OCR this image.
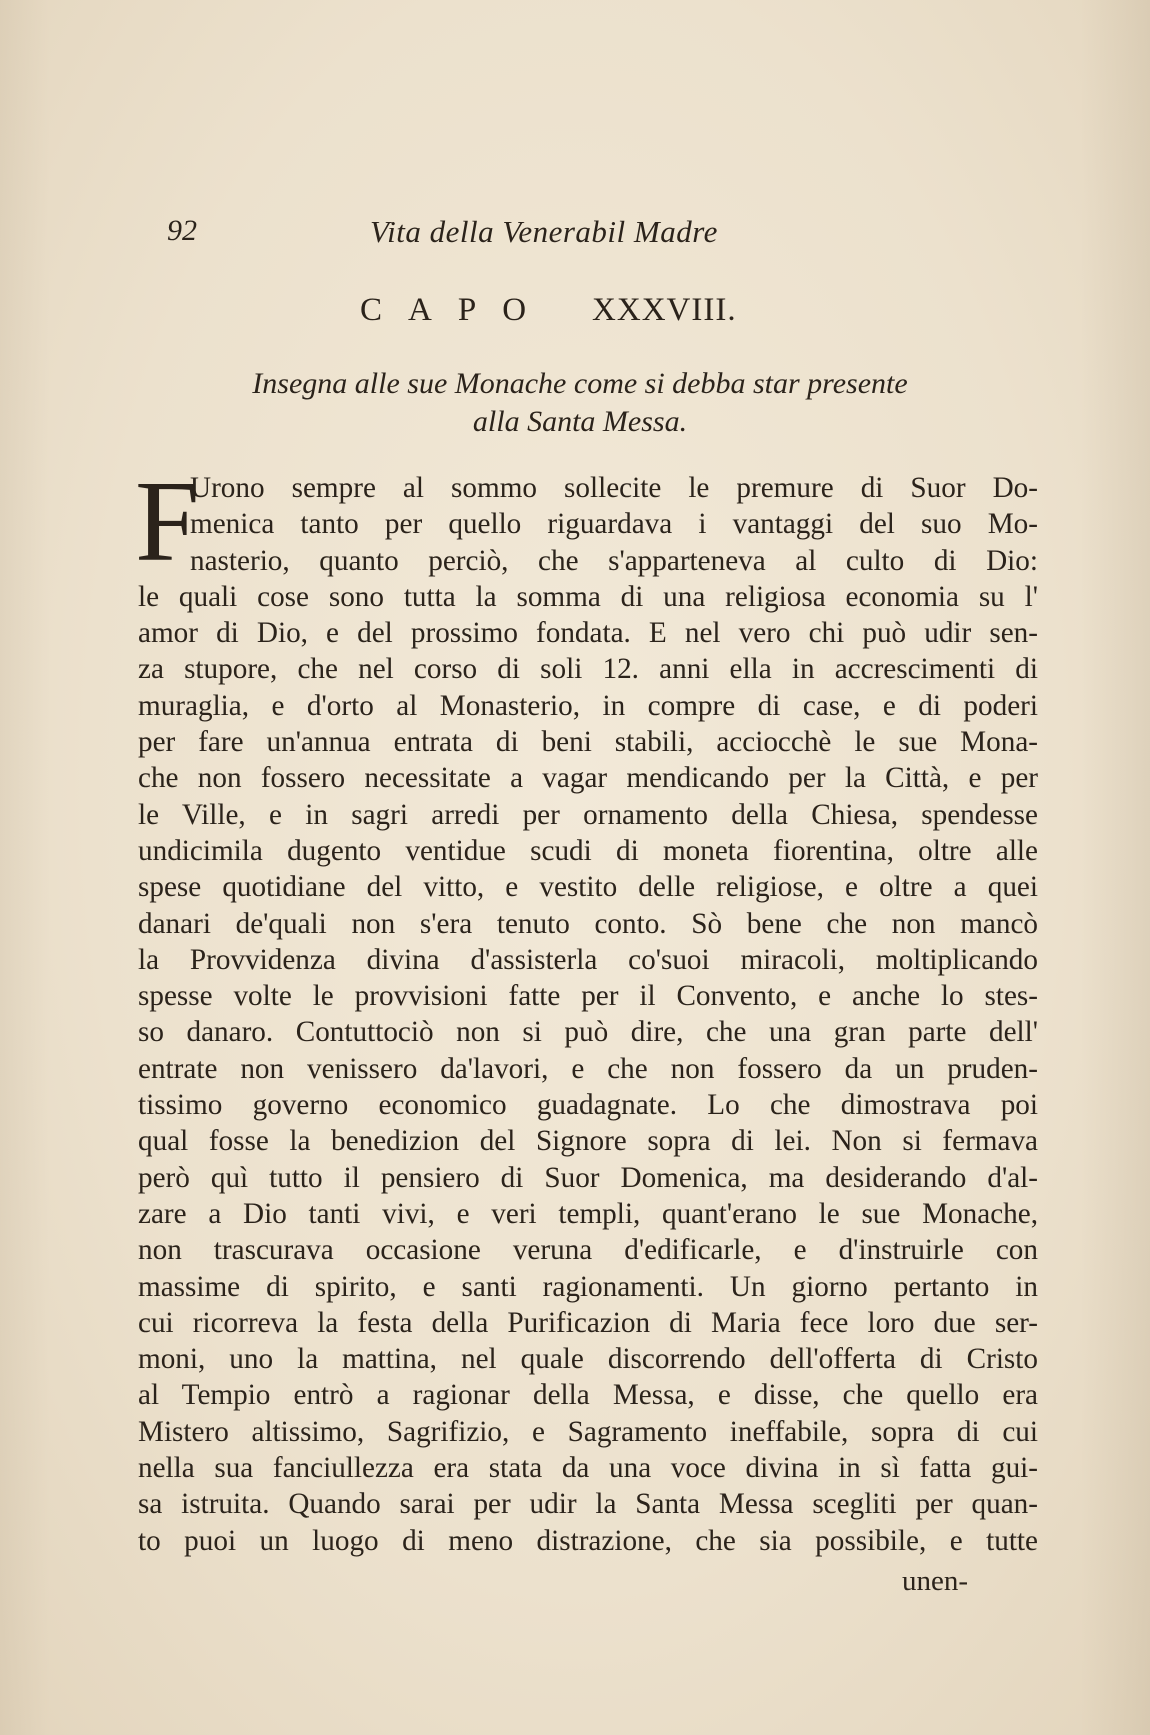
92	Vita della Venerabil Madre
CAPO XXXVIII.
Insegna alle sue Monache come si debba star presente
alla Santa Messa.
F
Urono sempre al sommo sollecite le premure di Suor Do-
menica tanto per quello riguardava i vantaggi del suo Mo-
nasterio, quanto perciò, che s'apparteneva al culto di Dio:
le quali cose sono tutta la somma di una religiosa economia su l'
amor di Dio, e del prossimo fondata. E nel vero chi può udir sen-
za stupore, che nel corso di soli 12. anni ella in accrescimenti di
muraglia, e d'orto al Monasterio, in compre di case, e di poderi
per fare un'annua entrata di beni stabili, acciocchè le sue Mona-
che non fossero necessitate a vagar mendicando per la Città, e per
le Ville, e in sagri arredi per ornamento della Chiesa, spendesse
undicimila dugento ventidue scudi di moneta fiorentina, oltre alle
spese quotidiane del vitto, e vestito delle religiose, e oltre a quei
danari de'quali non s'era tenuto conto. Sò bene che non mancò
la Provvidenza divina d'assisterla co'suoi miracoli, moltiplicando
spesse volte le provvisioni fatte per il Convento, e anche lo stes-
so danaro. Contuttociò non si può dire, che una gran parte dell'
entrate non venissero da'lavori, e che non fossero da un pruden-
tissimo governo economico guadagnate. Lo che dimostrava poi
qual fosse la benedizion del Signore sopra di lei. Non si fermava
però quì tutto il pensiero di Suor Domenica, ma desiderando d'al-
zare a Dio tanti vivi, e veri templi, quant'erano le sue Monache,
non trascurava occasione veruna d'edificarle, e d'instruirle con
massime di spirito, e santi ragionamenti. Un giorno pertanto in
cui ricorreva la festa della Purificazion di Maria fece loro due ser-
moni, uno la mattina, nel quale discorrendo dell'offerta di Cristo
al Tempio entrò a ragionar della Messa, e disse, che quello era
Mistero altissimo, Sagrifizio, e Sagramento ineffabile, sopra di cui
nella sua fanciullezza era stata da una voce divina in sì fatta gui-
sa istruita. Quando sarai per udir la Santa Messa scegliti per quan-
to puoi un luogo di meno distrazione, che sia possibile, e tutte
unen-
